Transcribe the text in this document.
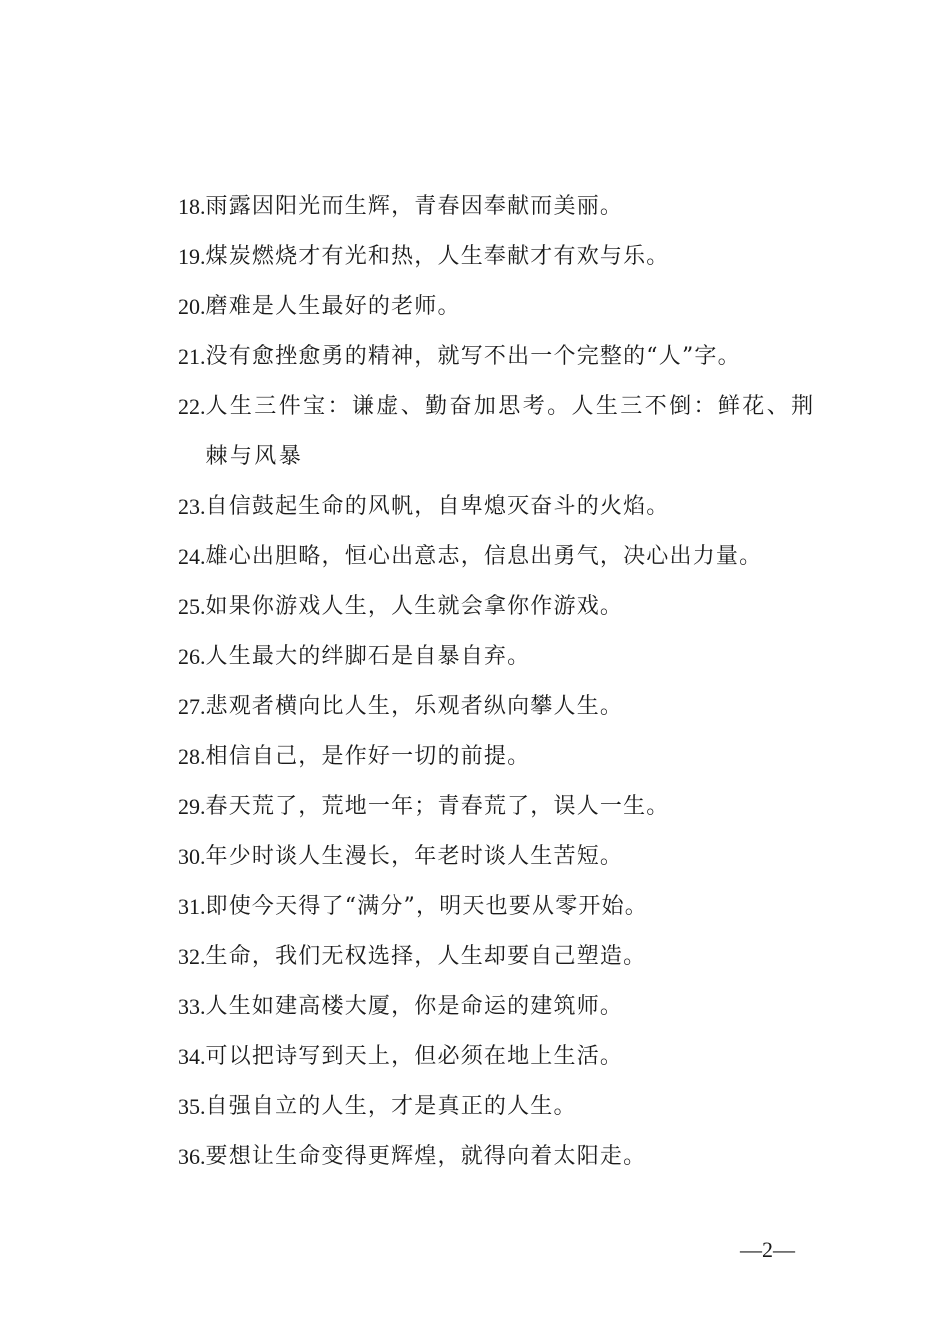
18. 雨露因阳光而生辉，青春因奉献而美丽。
19. 煤炭燃烧才有光和热，人生奉献才有欢与乐。
20. 磨难是人生最好的老师。
21. 没有愈挫愈勇的精神，就写不出一个完整的“人”字。
22. 人生三件宝：谦虚、勤奋加思考。人生三不倒：鲜花、荆棘与风暴
23. 自信鼓起生命的风帆，自卑熄灭奋斗的火焰。
24. 雄心出胆略，恒心出意志，信息出勇气，决心出力量。
25. 如果你游戏人生，人生就会拿你作游戏。
26. 人生最大的绊脚石是自暴自弃。
27. 悲观者横向比人生，乐观者纵向攀人生。
28. 相信自己，是作好一切的前提。
29. 春天荒了，荒地一年；青春荒了，误人一生。
30. 年少时谈人生漫长，年老时谈人生苦短。
31. 即使今天得了“满分”，明天也要从零开始。
32. 生命，我们无权选择，人生却要自己塑造。
33. 人生如建高楼大厦，你是命运的建筑师。
34. 可以把诗写到天上，但必须在地上生活。
35. 自强自立的人生，才是真正的人生。
36. 要想让生命变得更辉煌，就得向着太阳走。
—2—
